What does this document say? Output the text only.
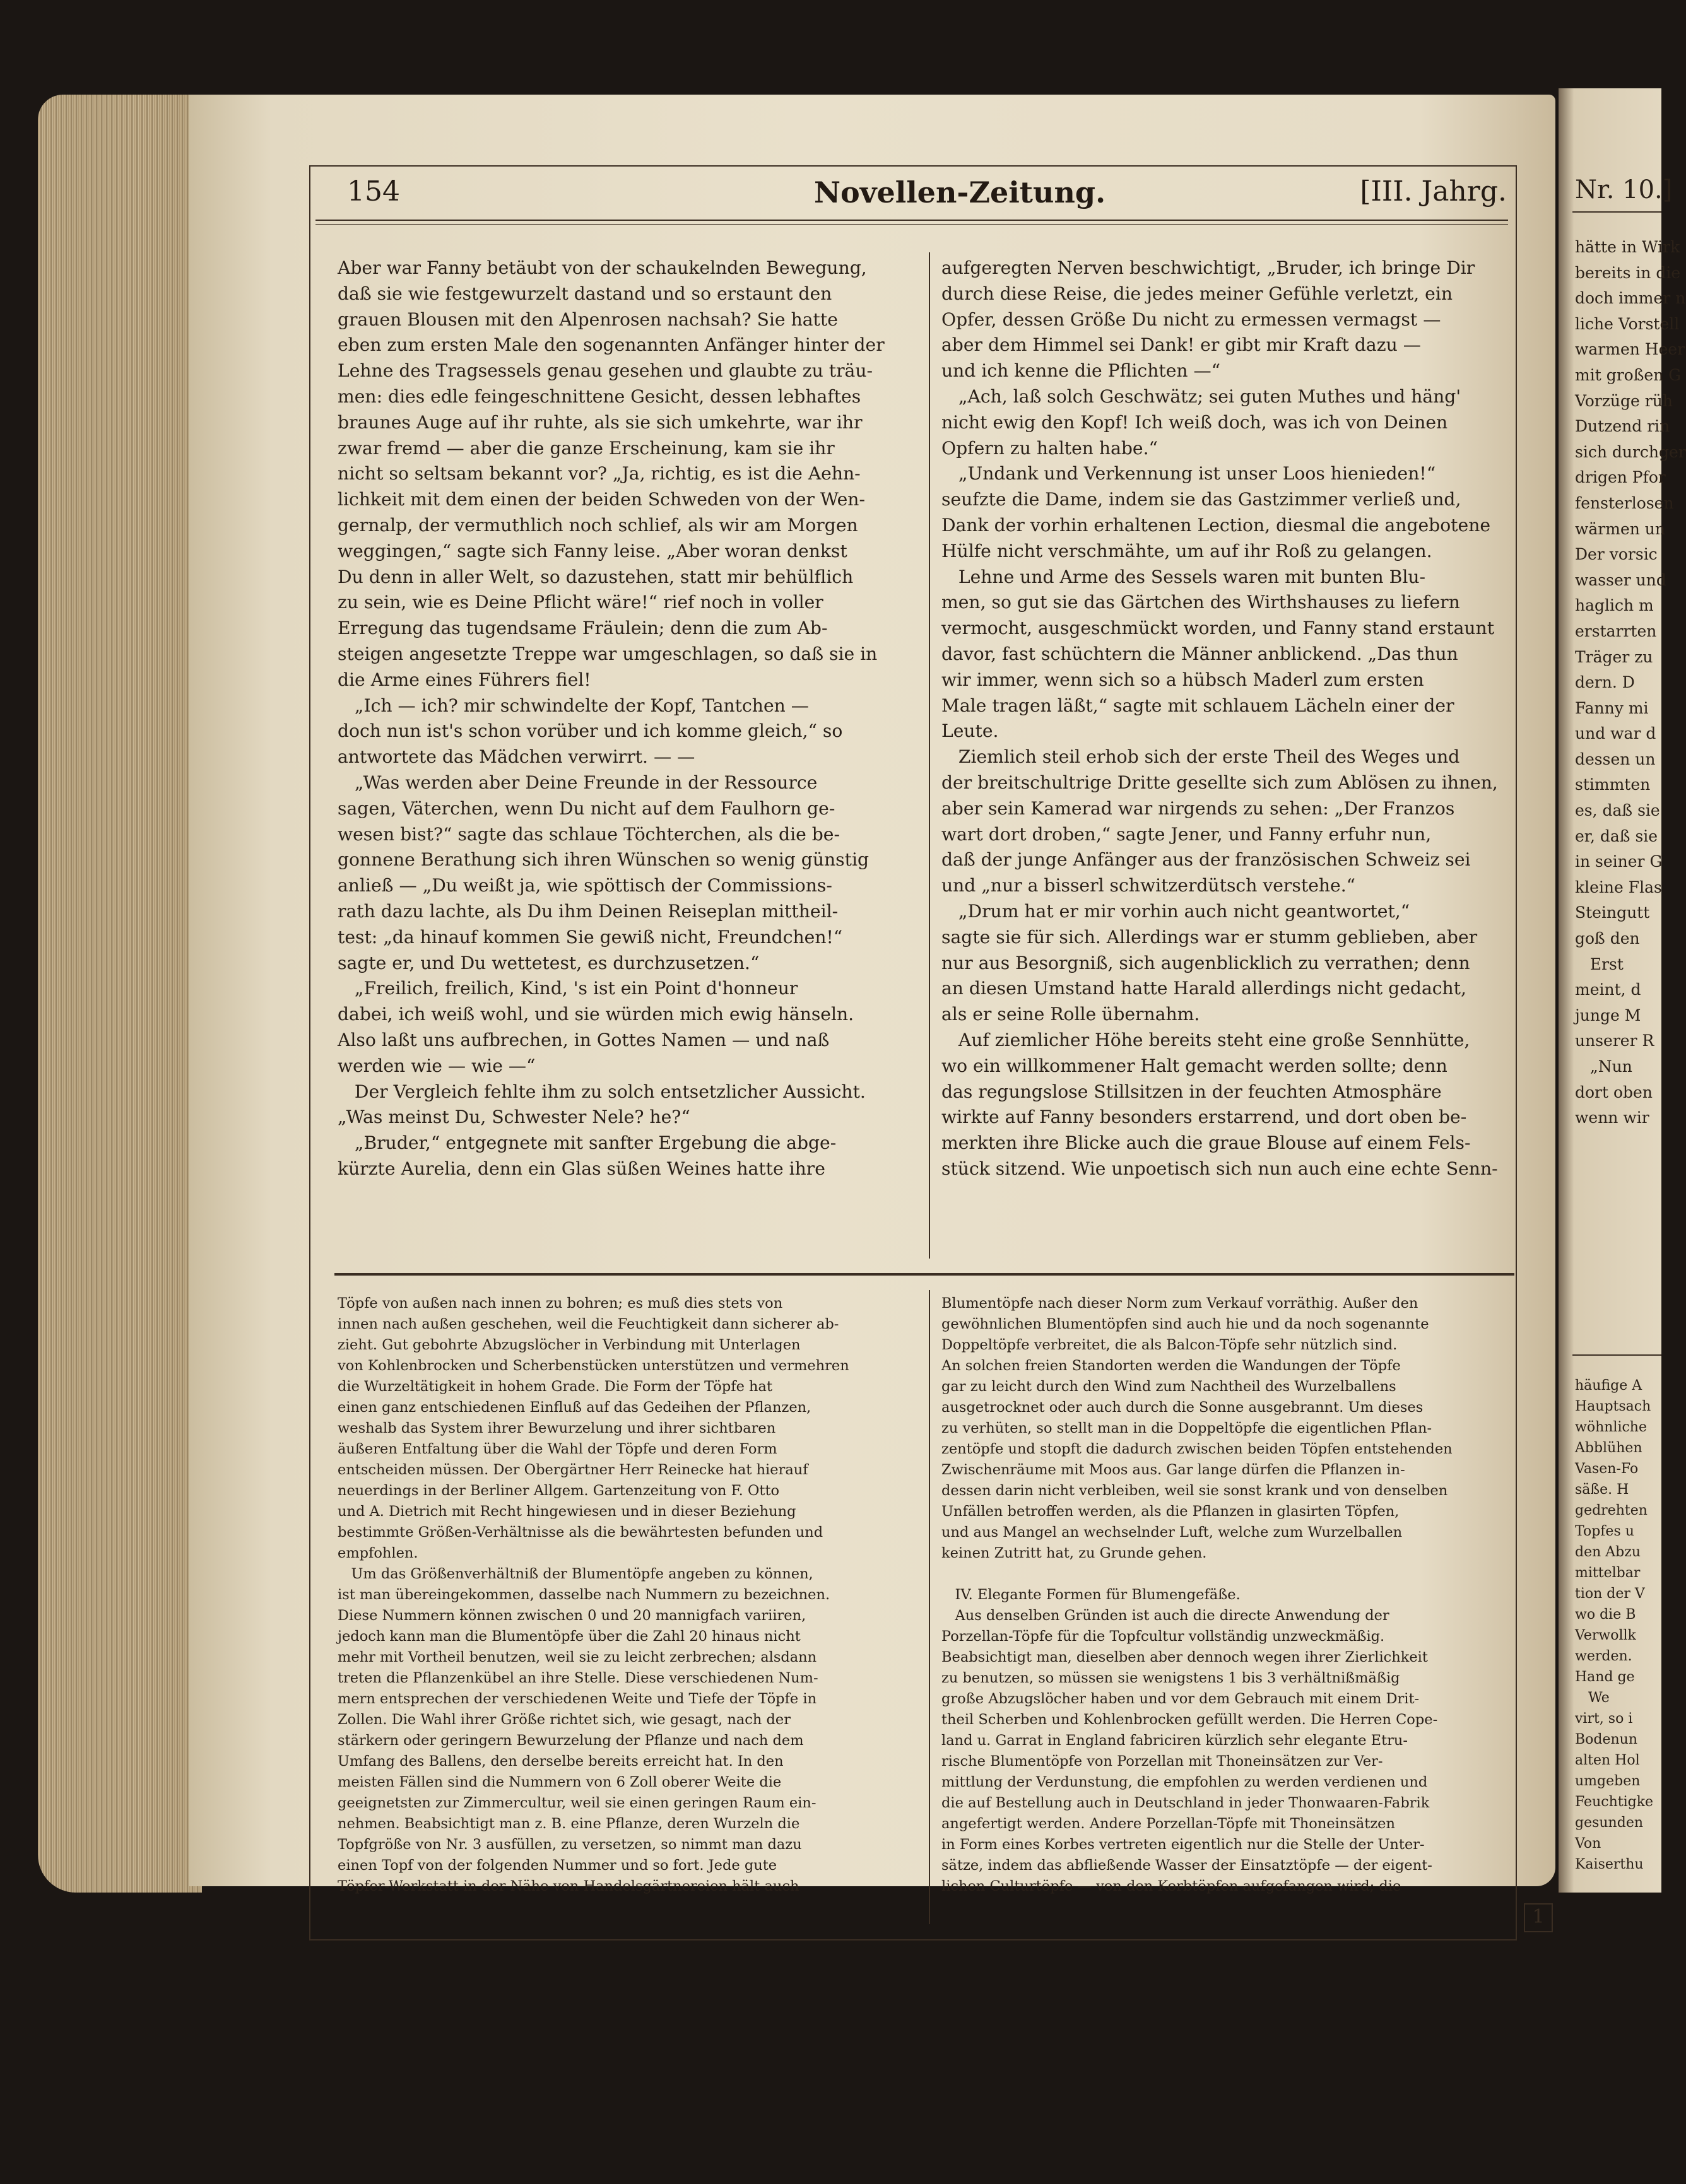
Nr. 10.]
hätte in Wirk
bereits in die
doch immer n
liche Vorstell
warmen Heer
mit großen G
Vorzüge rüh
Dutzend rin
sich durchger
drigen Pfor
fensterlosen
wärmen un
Der vorsic
wasser und
haglich m
erstarrten
Träger zu
dern. D
Fanny mi
und war d
dessen un
stimmten
es, daß sie
er, daß sie
in seiner G
kleine Flas
Steingutt
goß den
Erst
meint, d
junge M
unserer R
„Nun
dort oben
wenn wir
häufige A
Hauptsach
wöhnliche
Abblühen
Vasen-Fo
säße. H
gedrehten
Topfes u
den Abzu
mittelbar
tion der V
wo die B
Verwollk
werden.
Hand ge
We
virt, so i
Bodenun
alten Hol
umgeben
Feuchtigke
gesunden
Von
Kaiserthu
154	Novellen-Zeitung.	[III. Jahrg.
Aber war Fanny betäubt von der schaukelnden Bewegung,
daß sie wie festgewurzelt dastand und so erstaunt den
grauen Blousen mit den Alpenrosen nachsah? Sie hatte
eben zum ersten Male den sogenannten Anfänger hinter der
Lehne des Tragsessels genau gesehen und glaubte zu träu-
men: dies edle feingeschnittene Gesicht, dessen lebhaftes
braunes Auge auf ihr ruhte, als sie sich umkehrte, war ihr
zwar fremd — aber die ganze Erscheinung, kam sie ihr
nicht so seltsam bekannt vor? „Ja, richtig, es ist die Aehn-
lichkeit mit dem einen der beiden Schweden von der Wen-
gernalp, der vermuthlich noch schlief, als wir am Morgen
weggingen,“ sagte sich Fanny leise. „Aber woran denkst
Du denn in aller Welt, so dazustehen, statt mir behülflich
zu sein, wie es Deine Pflicht wäre!“ rief noch in voller
Erregung das tugendsame Fräulein; denn die zum Ab-
steigen angesetzte Treppe war umgeschlagen, so daß sie in
die Arme eines Führers fiel!
„Ich — ich? mir schwindelte der Kopf, Tantchen —
doch nun ist's schon vorüber und ich komme gleich,“ so
antwortete das Mädchen verwirrt. — —
„Was werden aber Deine Freunde in der Ressource
sagen, Väterchen, wenn Du nicht auf dem Faulhorn ge-
wesen bist?“ sagte das schlaue Töchterchen, als die be-
gonnene Berathung sich ihren Wünschen so wenig günstig
anließ — „Du weißt ja, wie spöttisch der Commissions-
rath dazu lachte, als Du ihm Deinen Reiseplan mittheil-
test: „da hinauf kommen Sie gewiß nicht, Freundchen!“
sagte er, und Du wettetest, es durchzusetzen.“
„Freilich, freilich, Kind, 's ist ein Point d'honneur
dabei, ich weiß wohl, und sie würden mich ewig hänseln.
Also laßt uns aufbrechen, in Gottes Namen — und naß
werden wie — wie —“
Der Vergleich fehlte ihm zu solch entsetzlicher Aussicht.
„Was meinst Du, Schwester Nele? he?“
„Bruder,“ entgegnete mit sanfter Ergebung die abge-
kürzte Aurelia, denn ein Glas süßen Weines hatte ihre
aufgeregten Nerven beschwichtigt, „Bruder, ich bringe Dir
durch diese Reise, die jedes meiner Gefühle verletzt, ein
Opfer, dessen Größe Du nicht zu ermessen vermagst —
aber dem Himmel sei Dank! er gibt mir Kraft dazu —
und ich kenne die Pflichten —“
„Ach, laß solch Geschwätz; sei guten Muthes und häng'
nicht ewig den Kopf! Ich weiß doch, was ich von Deinen
Opfern zu halten habe.“
„Undank und Verkennung ist unser Loos hienieden!“
seufzte die Dame, indem sie das Gastzimmer verließ und,
Dank der vorhin erhaltenen Lection, diesmal die angebotene
Hülfe nicht verschmähte, um auf ihr Roß zu gelangen.
Lehne und Arme des Sessels waren mit bunten Blu-
men, so gut sie das Gärtchen des Wirthshauses zu liefern
vermocht, ausgeschmückt worden, und Fanny stand erstaunt
davor, fast schüchtern die Männer anblickend. „Das thun
wir immer, wenn sich so a hübsch Maderl zum ersten
Male tragen läßt,“ sagte mit schlauem Lächeln einer der
Leute.
Ziemlich steil erhob sich der erste Theil des Weges und
der breitschultrige Dritte gesellte sich zum Ablösen zu ihnen,
aber sein Kamerad war nirgends zu sehen: „Der Franzos
wart dort droben,“ sagte Jener, und Fanny erfuhr nun,
daß der junge Anfänger aus der französischen Schweiz sei
und „nur a bisserl schwitzerdütsch verstehe.“
„Drum hat er mir vorhin auch nicht geantwortet,“
sagte sie für sich. Allerdings war er stumm geblieben, aber
nur aus Besorgniß, sich augenblicklich zu verrathen; denn
an diesen Umstand hatte Harald allerdings nicht gedacht,
als er seine Rolle übernahm.
Auf ziemlicher Höhe bereits steht eine große Sennhütte,
wo ein willkommener Halt gemacht werden sollte; denn
das regungslose Stillsitzen in der feuchten Atmosphäre
wirkte auf Fanny besonders erstarrend, und dort oben be-
merkten ihre Blicke auch die graue Blouse auf einem Fels-
stück sitzend. Wie unpoetisch sich nun auch eine echte Senn-
Töpfe von außen nach innen zu bohren; es muß dies stets von
innen nach außen geschehen, weil die Feuchtigkeit dann sicherer ab-
zieht. Gut gebohrte Abzugslöcher in Verbindung mit Unterlagen
von Kohlenbrocken und Scherbenstücken unterstützen und vermehren
die Wurzeltätigkeit in hohem Grade. Die Form der Töpfe hat
einen ganz entschiedenen Einfluß auf das Gedeihen der Pflanzen,
weshalb das System ihrer Bewurzelung und ihrer sichtbaren
äußeren Entfaltung über die Wahl der Töpfe und deren Form
entscheiden müssen. Der Obergärtner Herr Reinecke hat hierauf
neuerdings in der Berliner Allgem. Gartenzeitung von F. Otto
und A. Dietrich mit Recht hingewiesen und in dieser Beziehung
bestimmte Größen-Verhältnisse als die bewährtesten befunden und
empfohlen.
Um das Größenverhältniß der Blumentöpfe angeben zu können,
ist man übereingekommen, dasselbe nach Nummern zu bezeichnen.
Diese Nummern können zwischen 0 und 20 mannigfach variiren,
jedoch kann man die Blumentöpfe über die Zahl 20 hinaus nicht
mehr mit Vortheil benutzen, weil sie zu leicht zerbrechen; alsdann
treten die Pflanzenkübel an ihre Stelle. Diese verschiedenen Num-
mern entsprechen der verschiedenen Weite und Tiefe der Töpfe in
Zollen. Die Wahl ihrer Größe richtet sich, wie gesagt, nach der
stärkern oder geringern Bewurzelung der Pflanze und nach dem
Umfang des Ballens, den derselbe bereits erreicht hat. In den
meisten Fällen sind die Nummern von 6 Zoll oberer Weite die
geeignetsten zur Zimmercultur, weil sie einen geringen Raum ein-
nehmen. Beabsichtigt man z. B. eine Pflanze, deren Wurzeln die
Topfgröße von Nr. 3 ausfüllen, zu versetzen, so nimmt man dazu
einen Topf von der folgenden Nummer und so fort. Jede gute
Töpfer-Werkstatt in der Nähe von Handelsgärtnereien hält auch
Blumentöpfe nach dieser Norm zum Verkauf vorräthig. Außer den
gewöhnlichen Blumentöpfen sind auch hie und da noch sogenannte
Doppeltöpfe verbreitet, die als Balcon-Töpfe sehr nützlich sind.
An solchen freien Standorten werden die Wandungen der Töpfe
gar zu leicht durch den Wind zum Nachtheil des Wurzelballens
ausgetrocknet oder auch durch die Sonne ausgebrannt. Um dieses
zu verhüten, so stellt man in die Doppeltöpfe die eigentlichen Pflan-
zentöpfe und stopft die dadurch zwischen beiden Töpfen entstehenden
Zwischenräume mit Moos aus. Gar lange dürfen die Pflanzen in-
dessen darin nicht verbleiben, weil sie sonst krank und von denselben
Unfällen betroffen werden, als die Pflanzen in glasirten Töpfen,
und aus Mangel an wechselnder Luft, welche zum Wurzelballen
keinen Zutritt hat, zu Grunde gehen.
IV. Elegante Formen für Blumengefäße.
Aus denselben Gründen ist auch die directe Anwendung der
Porzellan-Töpfe für die Topfcultur vollständig unzweckmäßig.
Beabsichtigt man, dieselben aber dennoch wegen ihrer Zierlichkeit
zu benutzen, so müssen sie wenigstens 1 bis 3 verhältnißmäßig
große Abzugslöcher haben und vor dem Gebrauch mit einem Drit-
theil Scherben und Kohlenbrocken gefüllt werden. Die Herren Cope-
land u. Garrat in England fabriciren kürzlich sehr elegante Etru-
rische Blumentöpfe von Porzellan mit Thoneinsätzen zur Ver-
mittlung der Verdunstung, die empfohlen zu werden verdienen und
die auf Bestellung auch in Deutschland in jeder Thonwaaren-Fabrik
angefertigt werden. Andere Porzellan-Töpfe mit Thoneinsätzen
in Form eines Korbes vertreten eigentlich nur die Stelle der Unter-
sätze, indem das abfließende Wasser der Einsatztöpfe — der eigent-
lichen Culturtöpfe — von den Korbtöpfen aufgefangen wird; die
1
